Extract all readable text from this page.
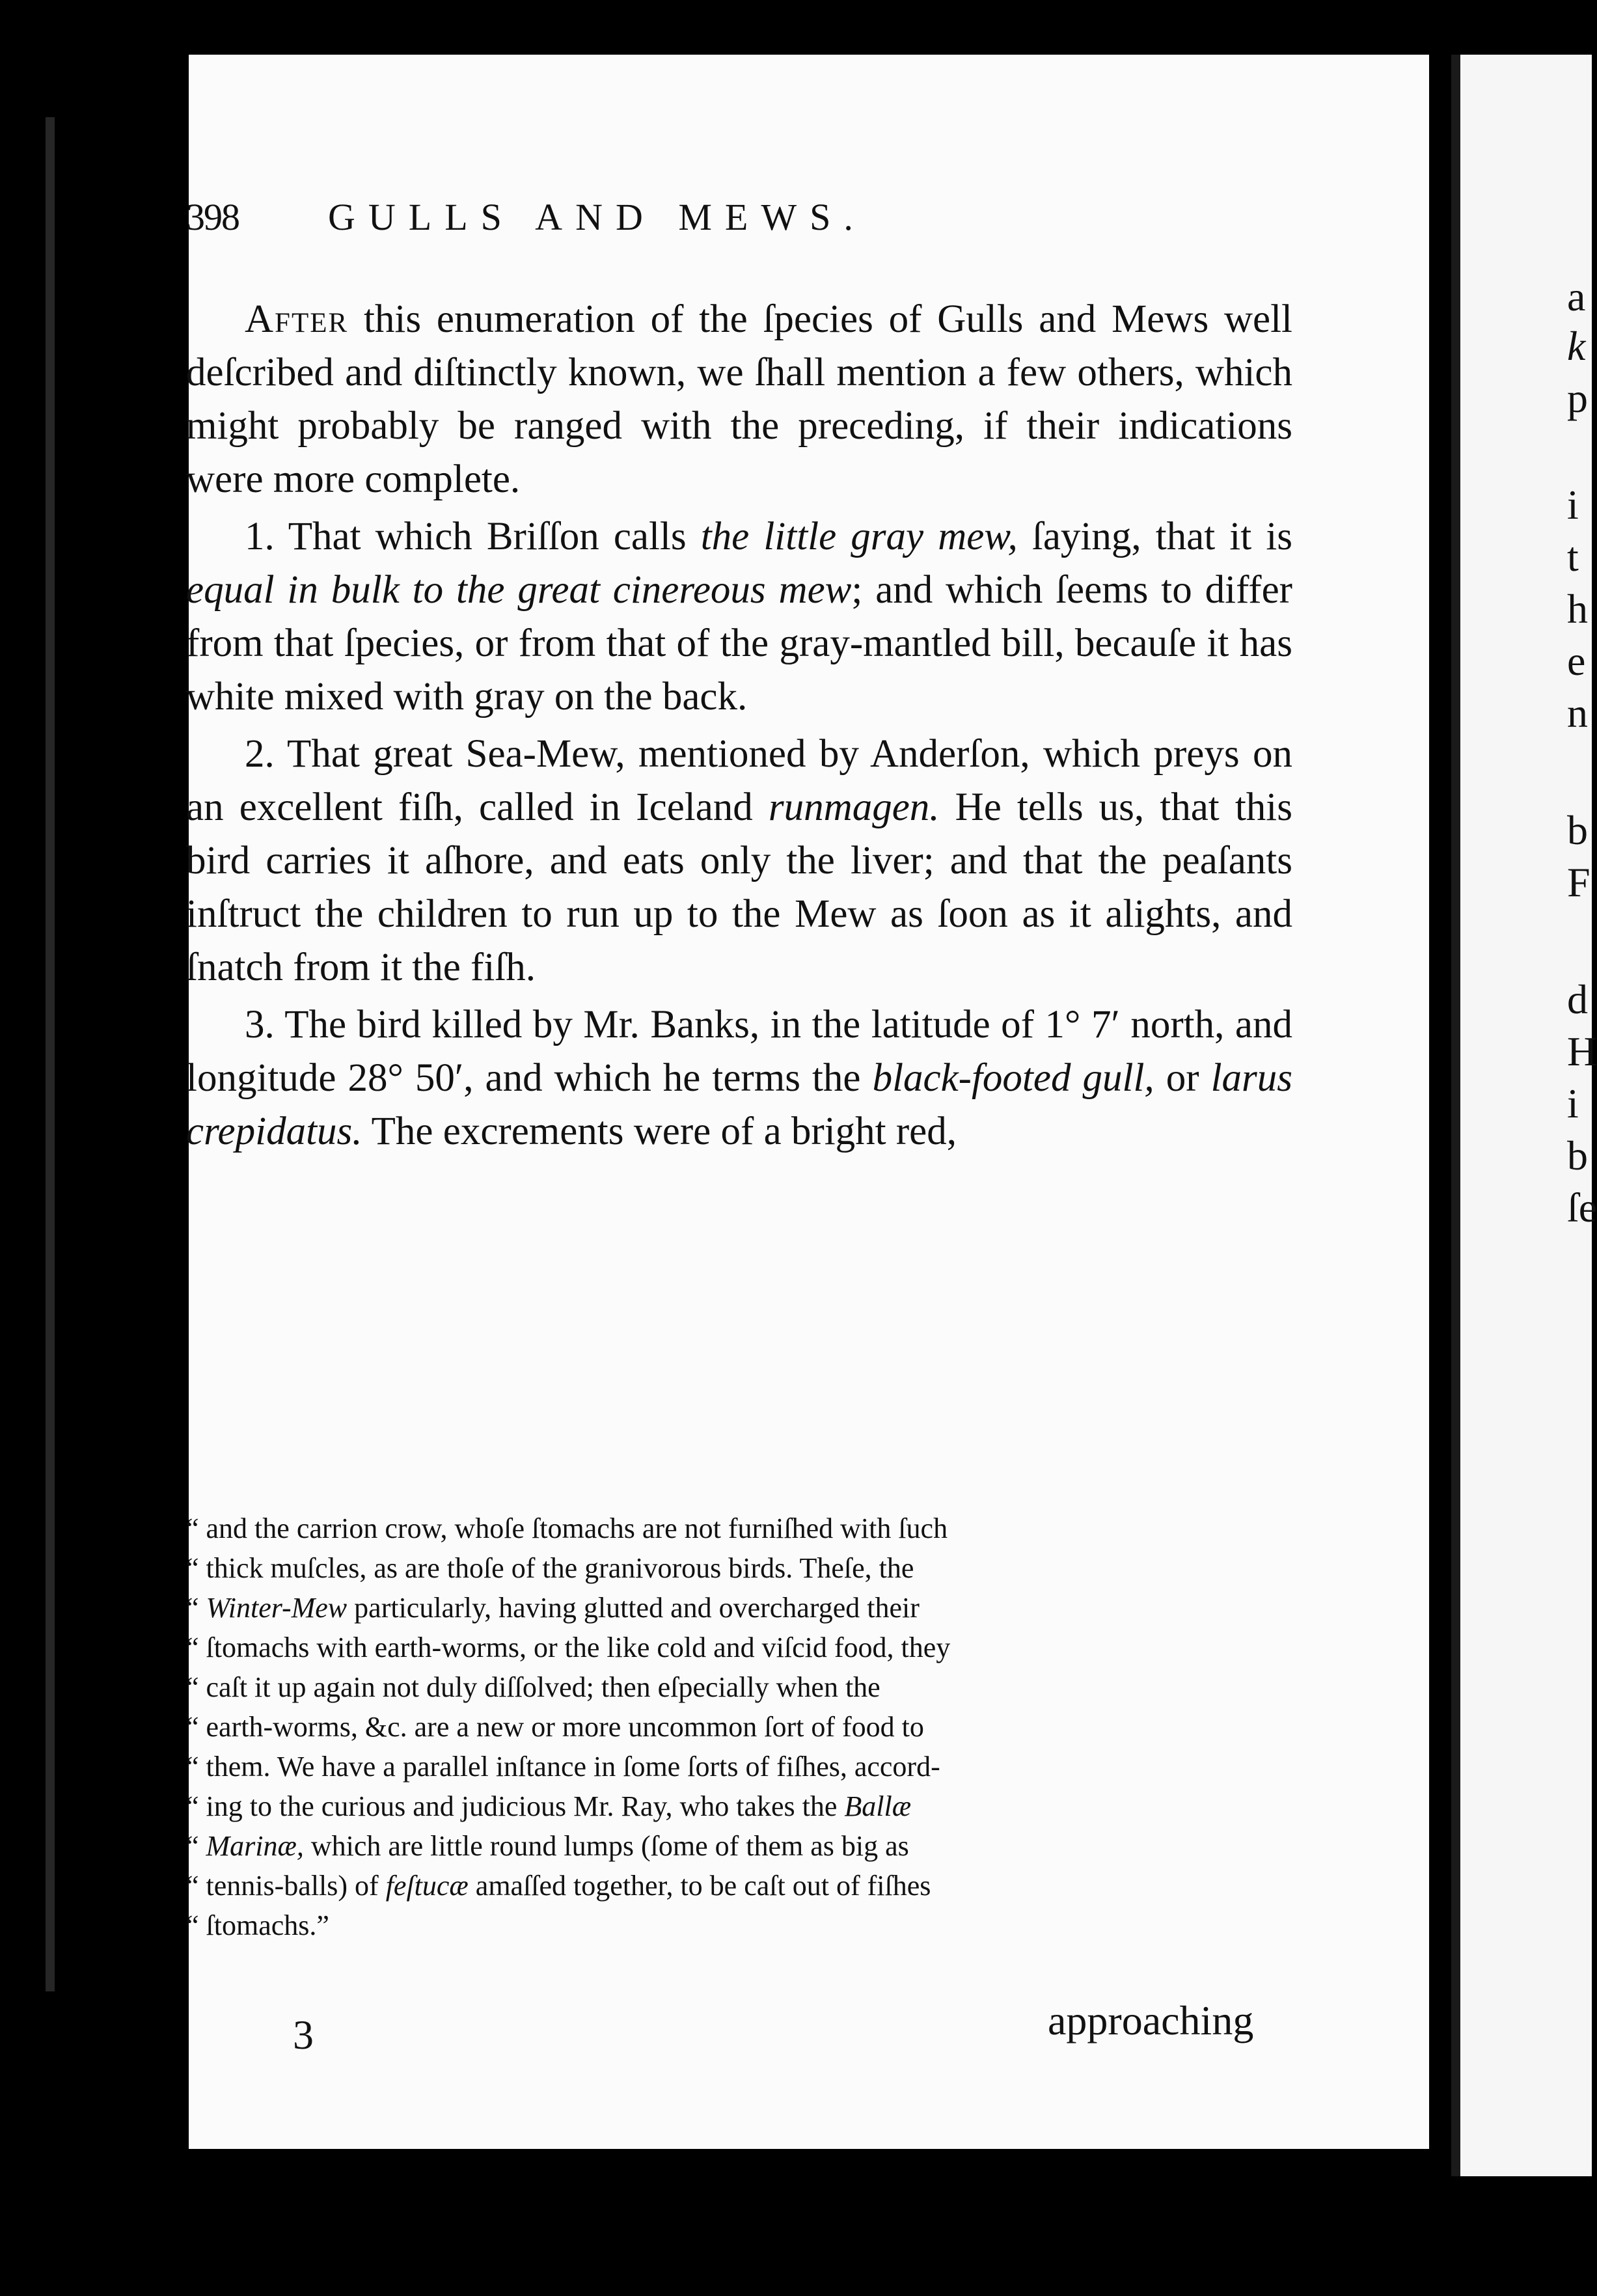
a
k
p
i
t
h
e
n
b
F
d
H
i
b
ſe
398 GULLS AND MEWS.

After this enumeration of the ſpecies of Gulls and Mews well deſcribed and diſtinctly known, we ſhall mention a few others, which might probably be ranged with the preceding, if their indications were more complete.

1. That which Briſſon calls the little gray mew, ſaying, that it is equal in bulk to the great cinereous mew; and which ſeems to differ from that ſpecies, or from that of the gray-mantled bill, becauſe it has white mixed with gray on the back.

2. That great Sea-Mew, mentioned by Anderſon, which preys on an excellent fiſh, called in Iceland runmagen. He tells us, that this bird carries it aſhore, and eats only the liver; and that the peaſants inſtruct the children to run up to the Mew as ſoon as it alights, and ſnatch from it the fiſh.

3. The bird killed by Mr. Banks, in the latitude of 1° 7′ north, and longitude 28° 50′, and which he terms the black-footed gull, or larus crepidatus. The excrements were of a bright red,

“ and the carrion crow, whoſe ſtomachs are not furniſhed with ſuch
“ thick muſcles, as are thoſe of the granivorous birds. Theſe, the
“ Winter-Mew particularly, having glutted and overcharged their
“ ſtomachs with earth-worms, or the like cold and viſcid food, they
“ caſt it up again not duly diſſolved; then eſpecially when the
“ earth-worms, &c. are a new or more uncommon ſort of food to
“ them. We have a parallel inſtance in ſome ſorts of fiſhes, accord-
“ ing to the curious and judicious Mr. Ray, who takes the Ballæ
“ Marinæ, which are little round lumps (ſome of them as big as
“ tennis-balls) of feſtucæ amaſſed together, to be caſt out of fiſhes
“ ſtomachs.”
3	approaching
